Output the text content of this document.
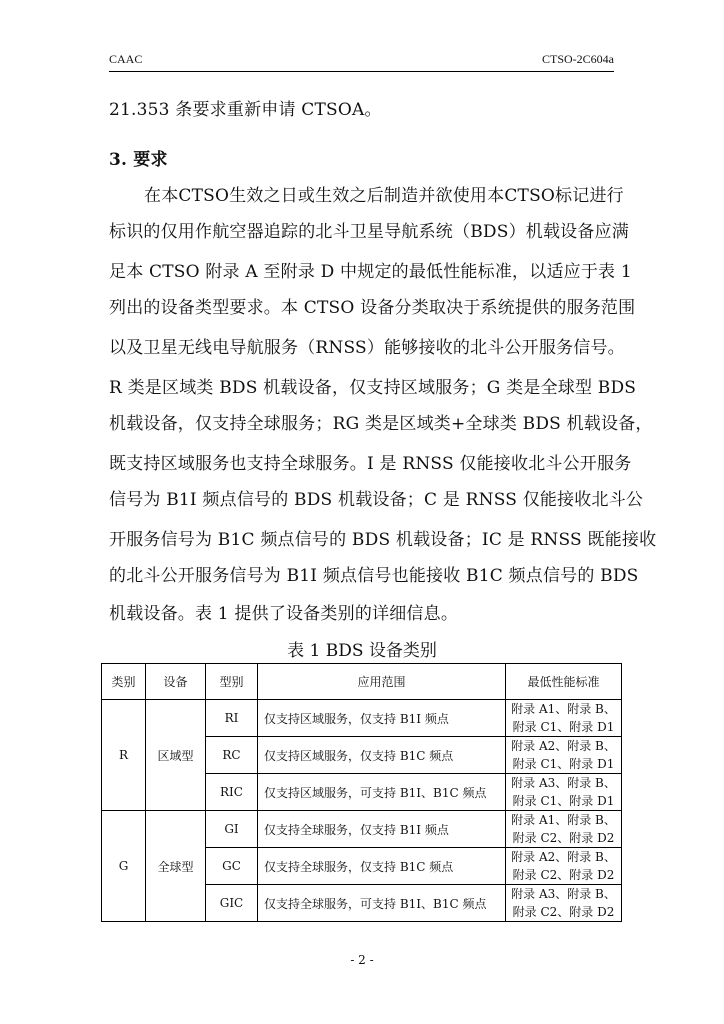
CAAC	CTSO-2C604a
21.353 条要求重新申请 CTSOA。
3. 要求
在本CTSO生效之日或生效之后制造并欲使用本CTSO标记进行
标识的仅用作航空器追踪的北斗卫星导航系统（BDS）机载设备应满
足本 CTSO 附录 A 至附录 D 中规定的最低性能标准，以适应于表 1
列出的设备类型要求。本 CTSO 设备分类取决于系统提供的服务范围
以及卫星无线电导航服务（RNSS）能够接收的北斗公开服务信号。
R 类是区域类 BDS 机载设备，仅支持区域服务；G 类是全球型 BDS
机载设备，仅支持全球服务；RG 类是区域类+全球类 BDS 机载设备，
既支持区域服务也支持全球服务。I 是 RNSS 仅能接收北斗公开服务
信号为 B1I 频点信号的 BDS 机载设备；C 是 RNSS 仅能接收北斗公
开服务信号为 B1C 频点信号的 BDS 机载设备；IC 是 RNSS 既能接收
的北斗公开服务信号为 B1I 频点信号也能接收 B1C 频点信号的 BDS
机载设备。表 1 提供了设备类别的详细信息。
表 1 BDS 设备类别
类别	设备	型别	应用范围	最低性能标准
R	区域型	RI	仅支持区域服务，仅支持 B1I 频点	附录 A1、附录 B、
附录 C1、附录 D1

		RC	仅支持区域服务，仅支持 B1C 频点	附录 A2、附录 B、
附录 C1、附录 D1

		RIC	仅支持区域服务，可支持 B1I、B1C 频点	附录 A3、附录 B、
附录 C1、附录 D1

G	全球型	GI	仅支持全球服务，仅支持 B1I 频点	附录 A1、附录 B、
附录 C2、附录 D2

		GC	仅支持全球服务，仅支持 B1C 频点	附录 A2、附录 B、
附录 C2、附录 D2

		GIC	仅支持全球服务，可支持 B1I、B1C 频点	附录 A3、附录 B、
附录 C2、附录 D2
- 2 -
